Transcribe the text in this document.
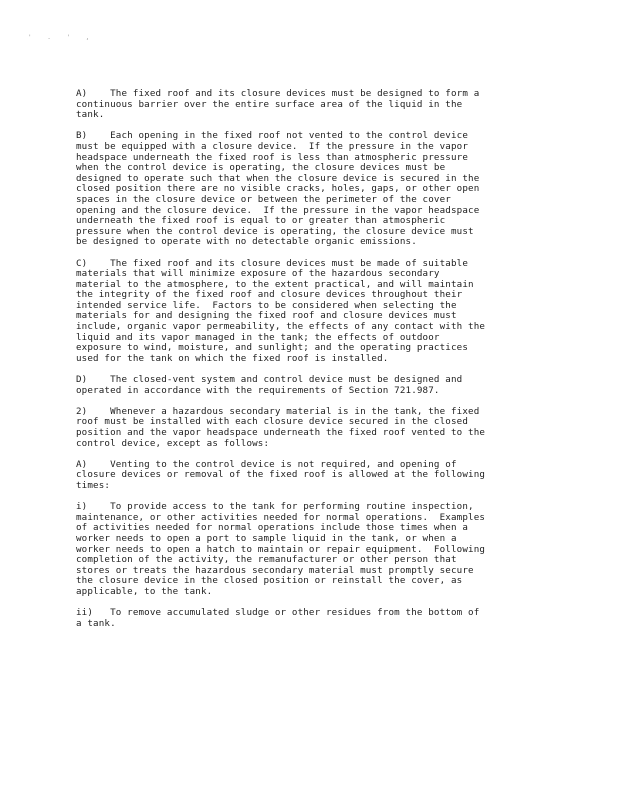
' . ' ,

A)    The fixed roof and its closure devices must be designed to form a
continuous barrier over the entire surface area of the liquid in the
tank.

B)    Each opening in the fixed roof not vented to the control device
must be equipped with a closure device.  If the pressure in the vapor
headspace underneath the fixed roof is less than atmospheric pressure
when the control device is operating, the closure devices must be
designed to operate such that when the closure device is secured in the
closed position there are no visible cracks, holes, gaps, or other open
spaces in the closure device or between the perimeter of the cover
opening and the closure device.  If the pressure in the vapor headspace
underneath the fixed roof is equal to or greater than atmospheric
pressure when the control device is operating, the closure device must
be designed to operate with no detectable organic emissions.

C)    The fixed roof and its closure devices must be made of suitable
materials that will minimize exposure of the hazardous secondary
material to the atmosphere, to the extent practical, and will maintain
the integrity of the fixed roof and closure devices throughout their
intended service life.  Factors to be considered when selecting the
materials for and designing the fixed roof and closure devices must
include, organic vapor permeability, the effects of any contact with the
liquid and its vapor managed in the tank; the effects of outdoor
exposure to wind, moisture, and sunlight; and the operating practices
used for the tank on which the fixed roof is installed.

D)    The closed-vent system and control device must be designed and
operated in accordance with the requirements of Section 721.987.

2)    Whenever a hazardous secondary material is in the tank, the fixed
roof must be installed with each closure device secured in the closed
position and the vapor headspace underneath the fixed roof vented to the
control device, except as follows:

A)    Venting to the control device is not required, and opening of
closure devices or removal of the fixed roof is allowed at the following
times:

i)    To provide access to the tank for performing routine inspection,
maintenance, or other activities needed for normal operations.  Examples
of activities needed for normal operations include those times when a
worker needs to open a port to sample liquid in the tank, or when a
worker needs to open a hatch to maintain or repair equipment.  Following
completion of the activity, the remanufacturer or other person that
stores or treats the hazardous secondary material must promptly secure
the closure device in the closed position or reinstall the cover, as
applicable, to the tank.

ii)   To remove accumulated sludge or other residues from the bottom of
a tank.
